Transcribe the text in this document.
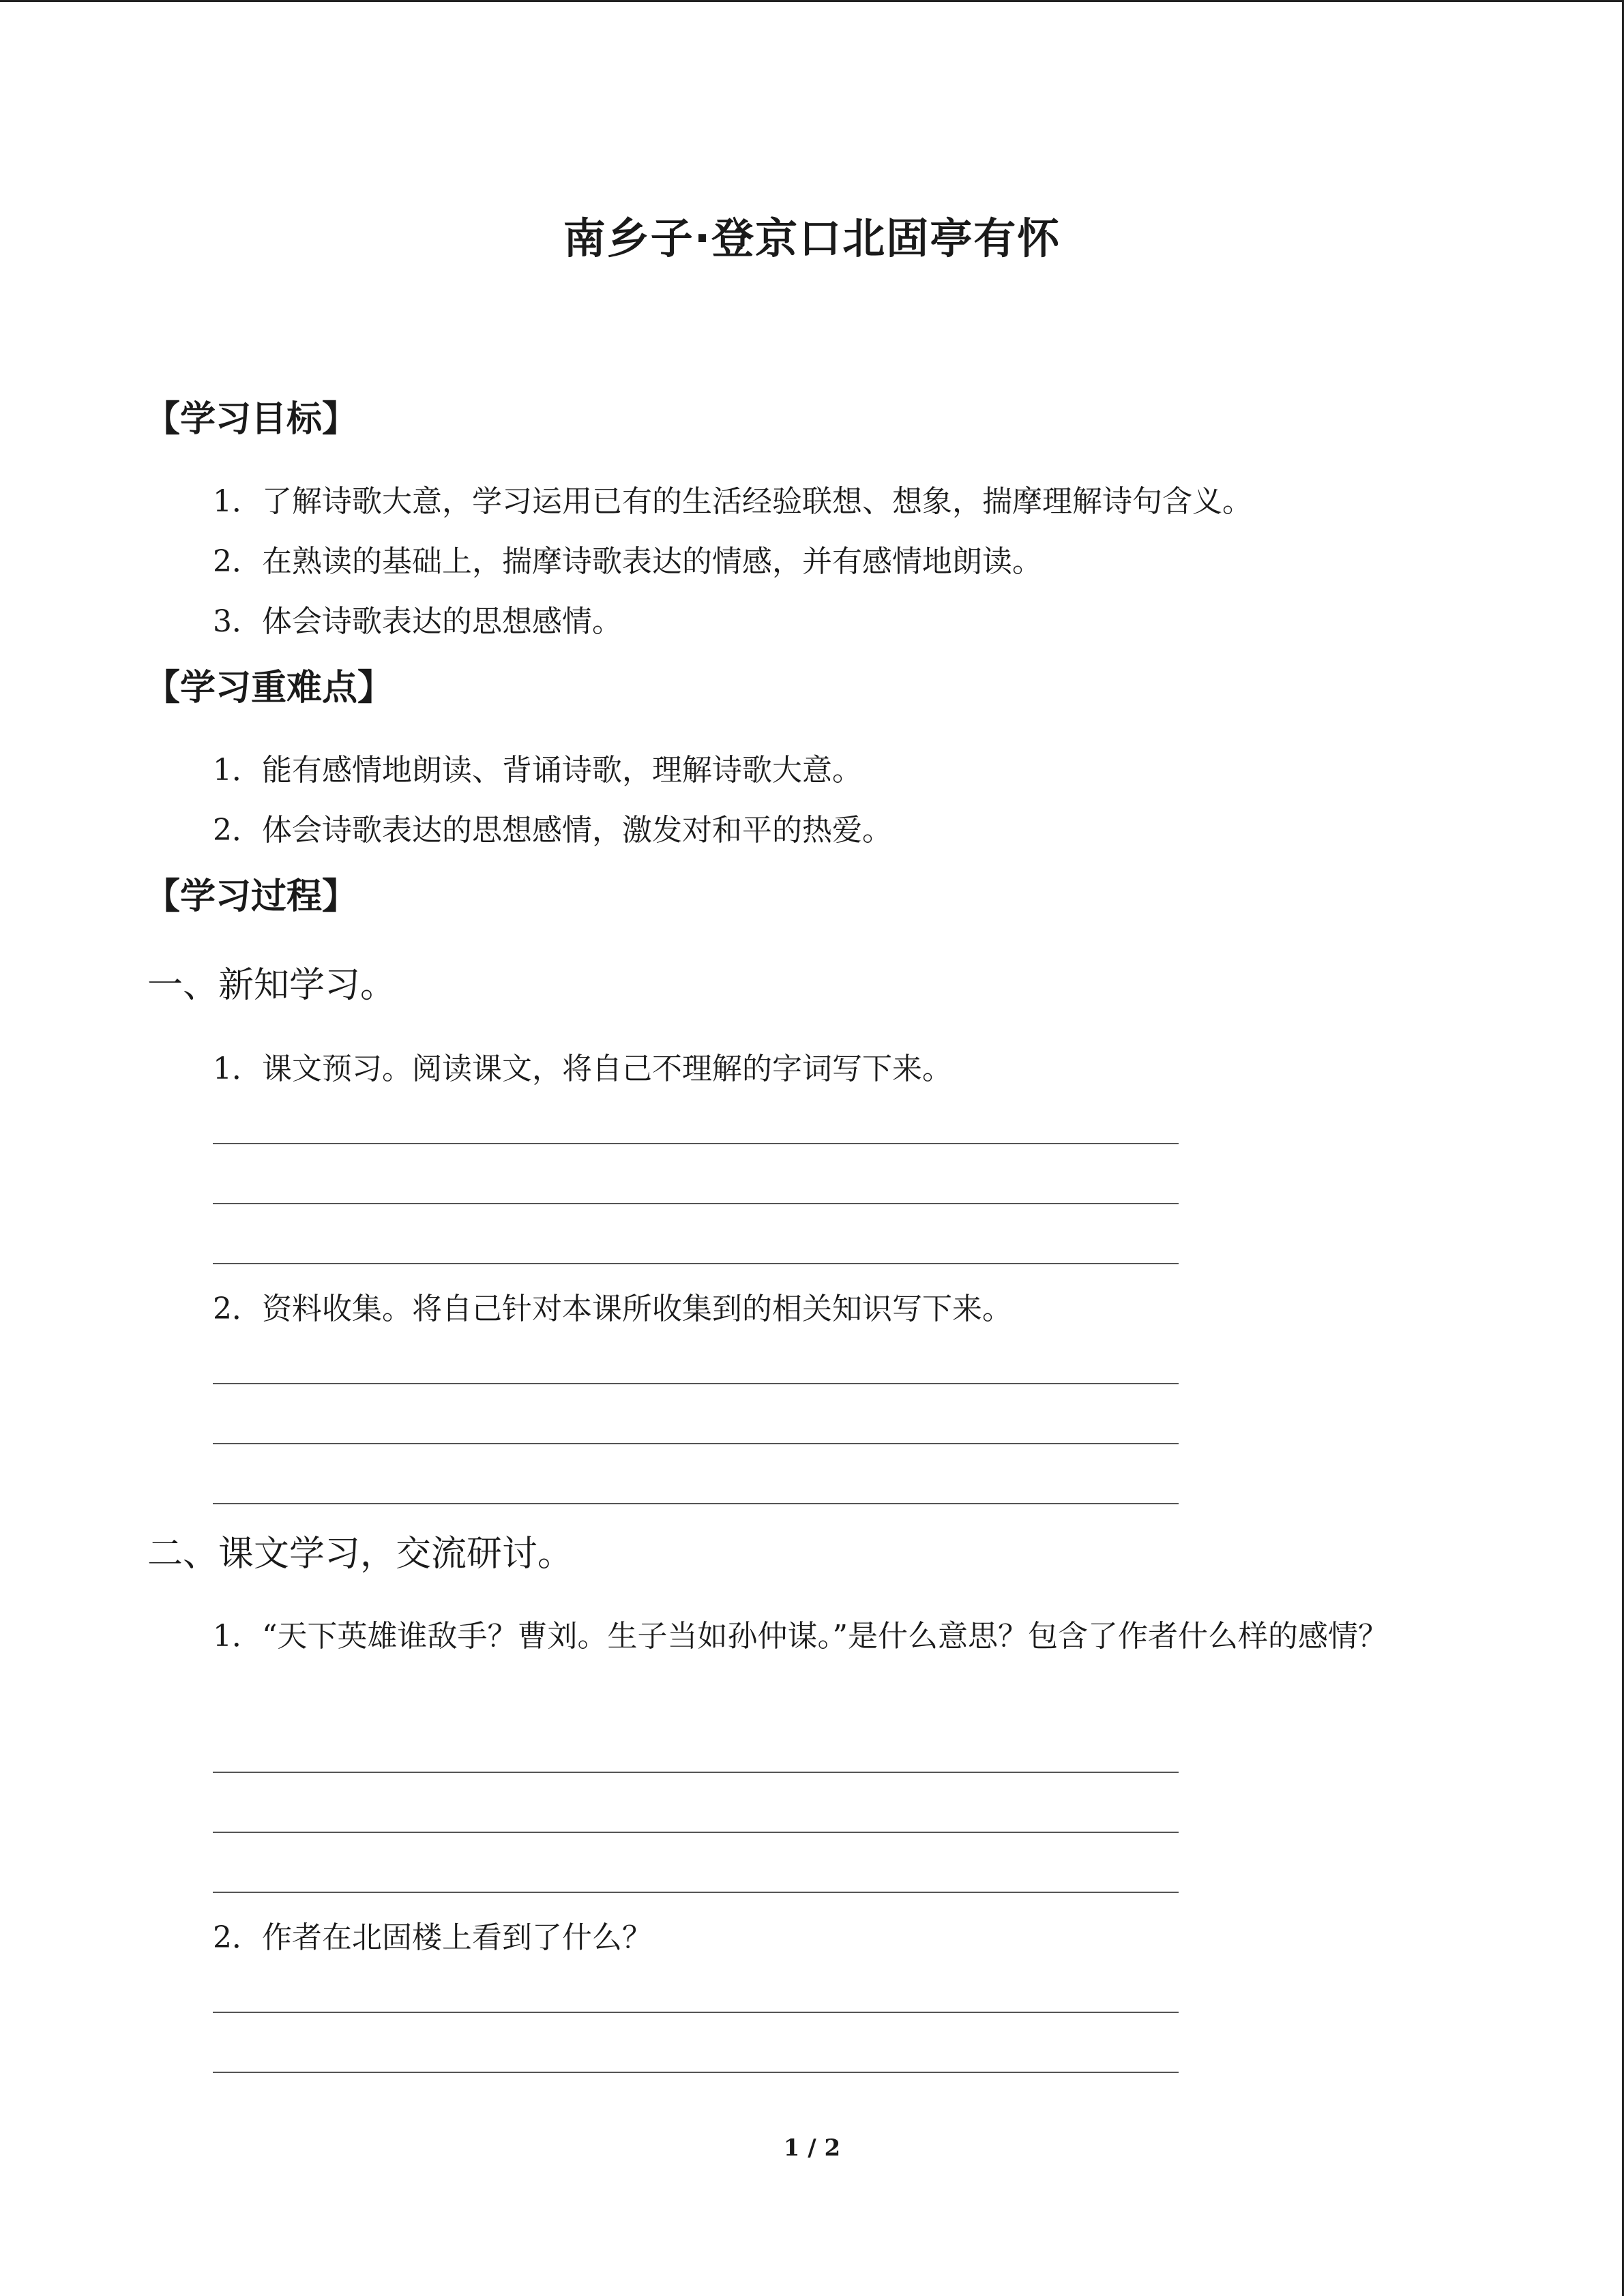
南乡子·登京口北固亭有怀
【学习目标】
1．了解诗歌大意，学习运用已有的生活经验联想、想象，揣摩理解诗句含义。
2．在熟读的基础上，揣摩诗歌表达的情感，并有感情地朗读。
3．体会诗歌表达的思想感情。
【学习重难点】
1．能有感情地朗读、背诵诗歌，理解诗歌大意。
2．体会诗歌表达的思想感情，激发对和平的热爱。
【学习过程】
一、新知学习。
1．课文预习。阅读课文，将自己不理解的字词写下来。
2．资料收集。将自己针对本课所收集到的相关知识写下来。
二、课文学习，交流研讨。
1．“天下英雄谁敌手？曹刘。生子当如孙仲谋。”是什么意思？包含了作者什么样的感情？
2．作者在北固楼上看到了什么？
1 / 2
